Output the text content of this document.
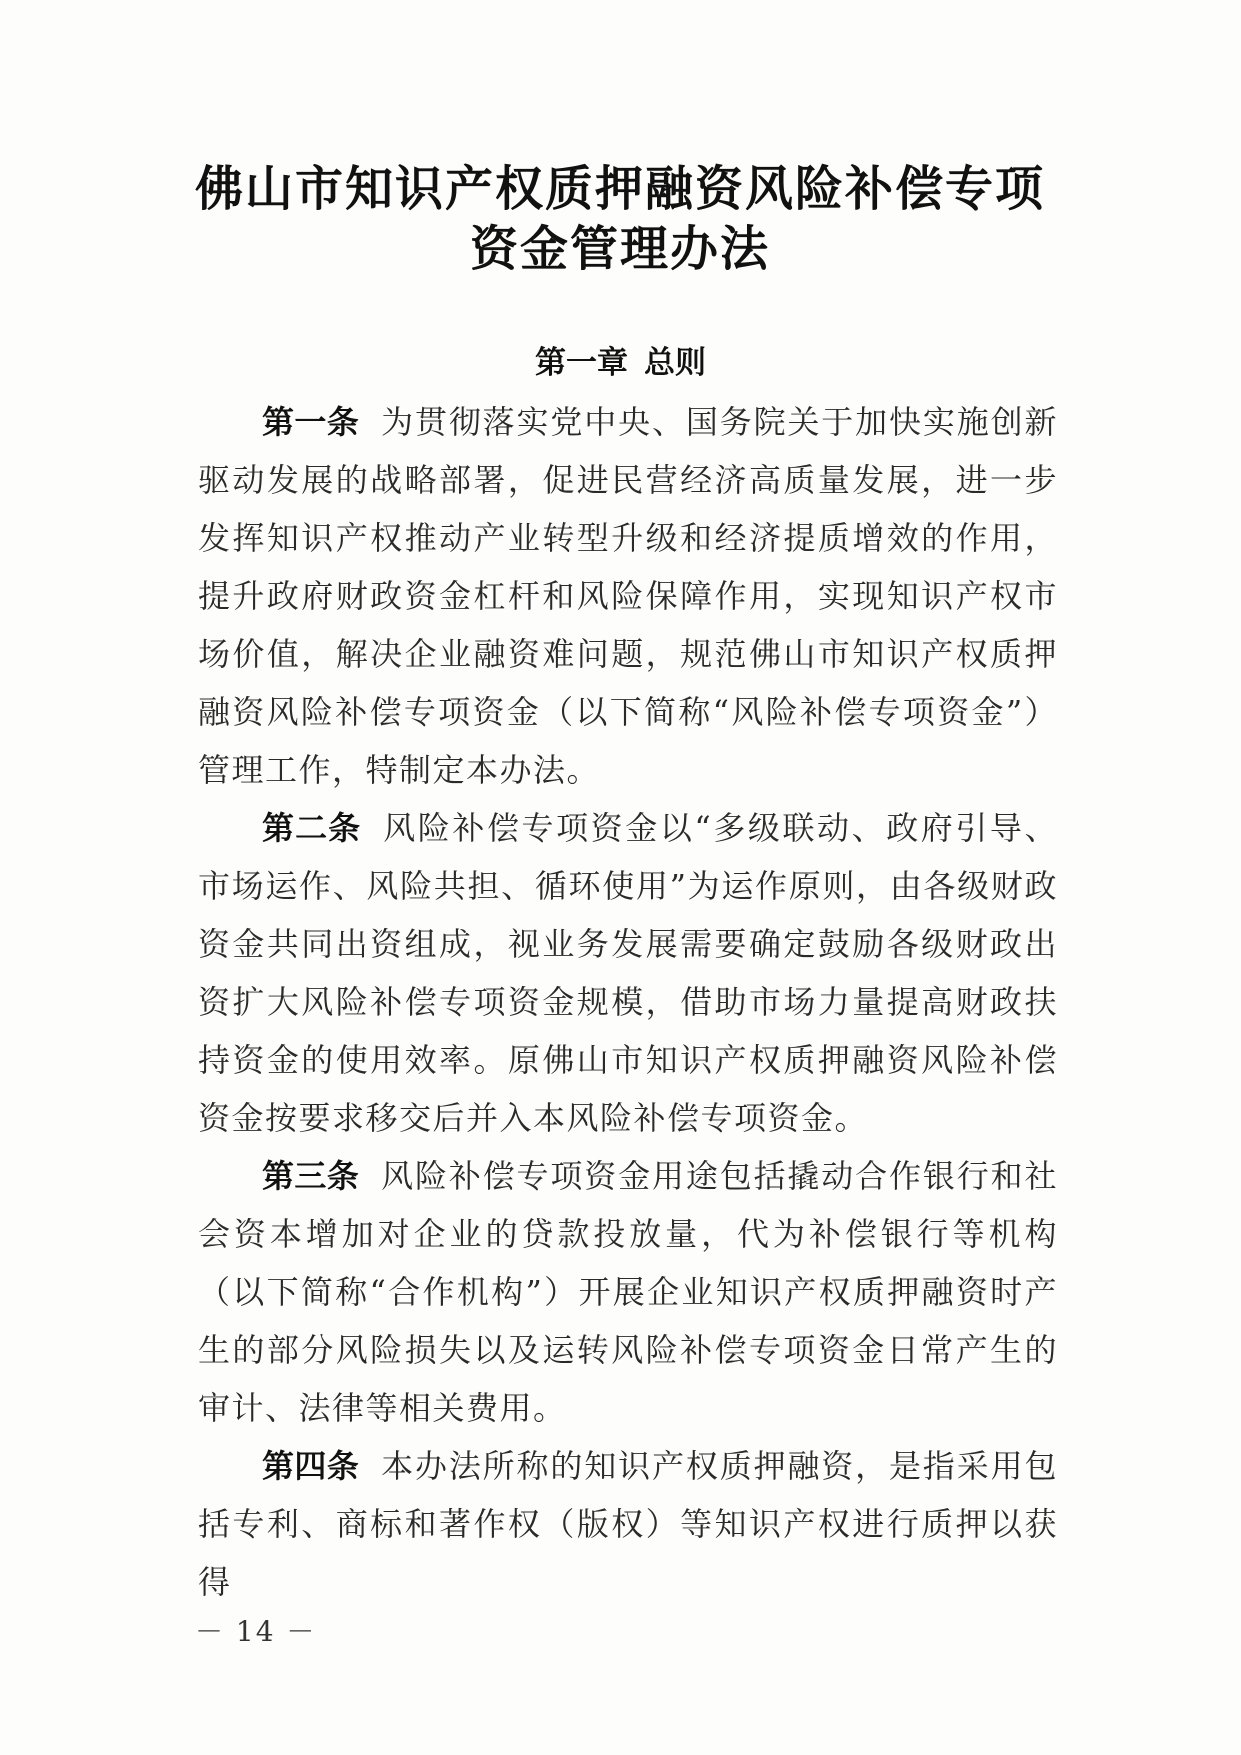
佛山市知识产权质押融资风险补偿专项
资金管理办法
第一章 总则

第一条 为贯彻落实党中央、国务院关于加快实施创新驱动发展的战略部署，促进民营经济高质量发展，进一步发挥知识产权推动产业转型升级和经济提质增效的作用，提升政府财政资金杠杆和风险保障作用，实现知识产权市场价值，解决企业融资难问题，规范佛山市知识产权质押融资风险补偿专项资金（以下简称“风险补偿专项资金”）管理工作，特制定本办法。

第二条 风险补偿专项资金以“多级联动、政府引导、市场运作、风险共担、循环使用”为运作原则，由各级财政资金共同出资组成，视业务发展需要确定鼓励各级财政出资扩大风险补偿专项资金规模，借助市场力量提高财政扶持资金的使用效率。原佛山市知识产权质押融资风险补偿资金按要求移交后并入本风险补偿专项资金。

第三条 风险补偿专项资金用途包括撬动合作银行和社会资本增加对企业的贷款投放量，代为补偿银行等机构（以下简称“合作机构”）开展企业知识产权质押融资时产生的部分风险损失以及运转风险补偿专项资金日常产生的审计、法律等相关费用。

第四条 本办法所称的知识产权质押融资，是指采用包括专利、商标和著作权（版权）等知识产权进行质押以获得

－ 14 －
